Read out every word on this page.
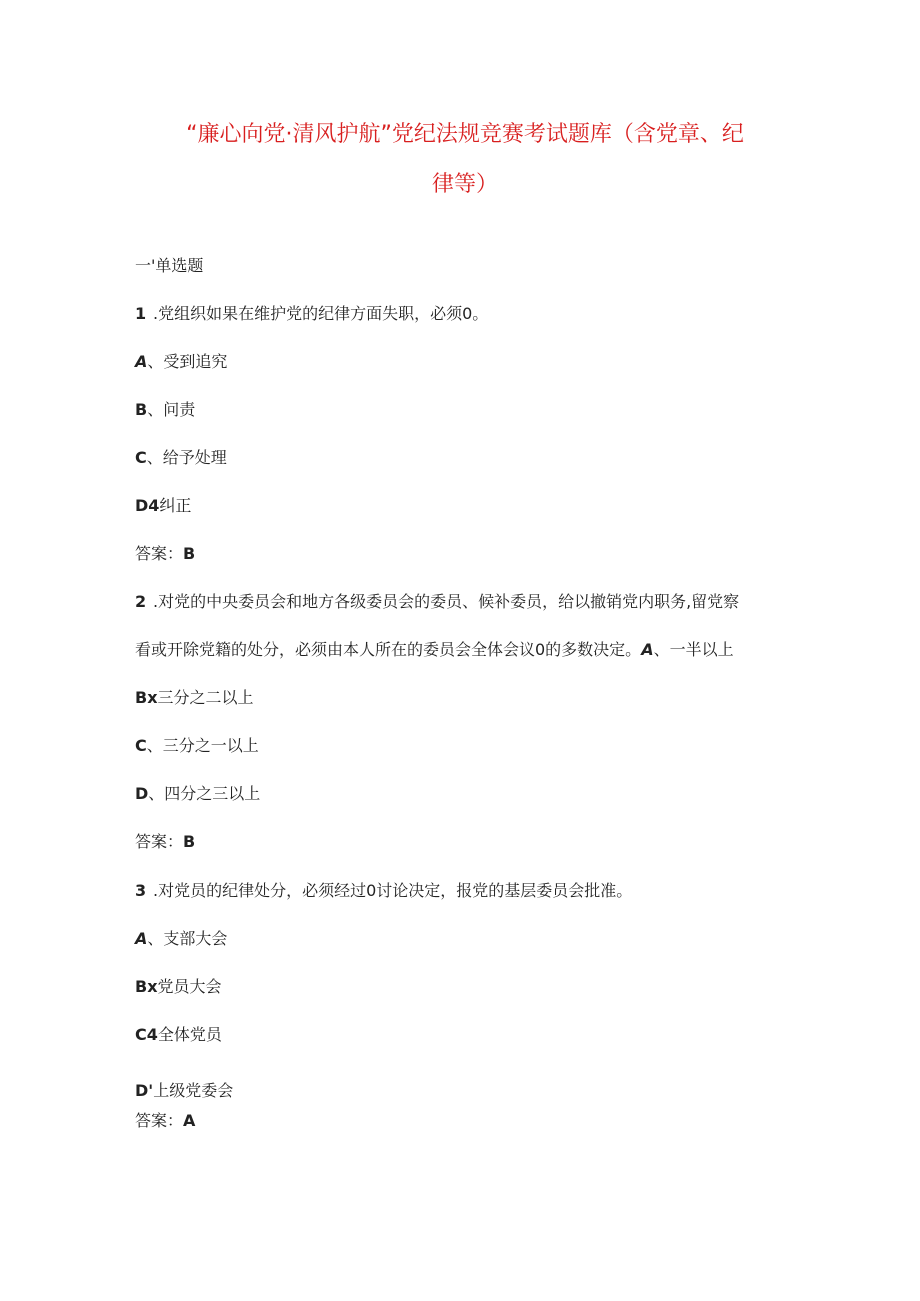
“廉心向党·清风护航”党纪法规竞赛考试题库（含党章、纪
律等）
一'单选题
1 .党组织如果在维护党的纪律方面失职，必须0。
A、受到追究
B、问责
C、给予处理
D4纠正
答案：B
2 .对党的中央委员会和地方各级委员会的委员、候补委员，给以撤销党内职务,留党察
看或开除党籍的处分，必须由本人所在的委员会全体会议0的多数决定。A、一半以上
Bx三分之二以上
C、三分之一以上
D、四分之三以上
答案：B
3 .对党员的纪律处分，必须经过0讨论决定，报党的基层委员会批准。
A、支部大会
Bx党员大会
C4全体党员
D'上级党委会
答案：A
